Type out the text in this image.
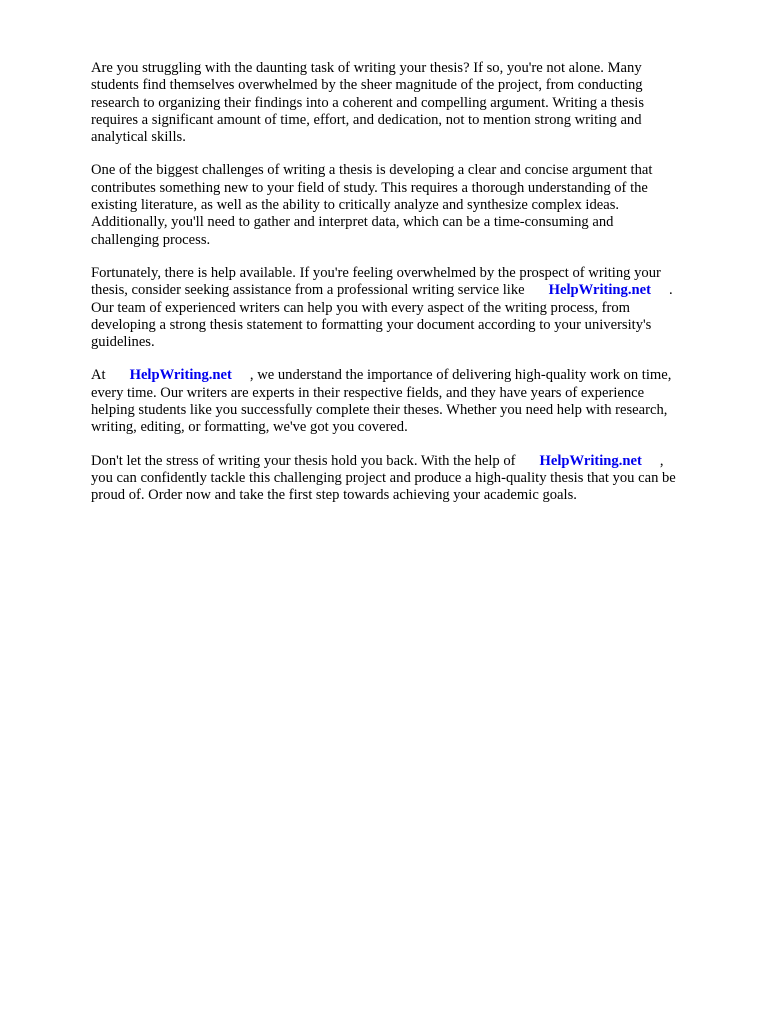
Are you struggling with the daunting task of writing your thesis? If so, you're not alone. Many
students find themselves overwhelmed by the sheer magnitude of the project, from conducting
research to organizing their findings into a coherent and compelling argument. Writing a thesis
requires a significant amount of time, effort, and dedication, not to mention strong writing and
analytical skills.

One of the biggest challenges of writing a thesis is developing a clear and concise argument that
contributes something new to your field of study. This requires a thorough understanding of the
existing literature, as well as the ability to critically analyze and synthesize complex ideas.
Additionally, you'll need to gather and interpret data, which can be a time-consuming and
challenging process.

Fortunately, there is help available. If you're feeling overwhelmed by the prospect of writing your
thesis, consider seeking assistance from a professional writing service like HelpWriting.net .
Our team of experienced writers can help you with every aspect of the writing process, from
developing a strong thesis statement to formatting your document according to your university's
guidelines.

At HelpWriting.net , we understand the importance of delivering high-quality work on time,
every time. Our writers are experts in their respective fields, and they have years of experience
helping students like you successfully complete their theses. Whether you need help with research,
writing, editing, or formatting, we've got you covered.

Don't let the stress of writing your thesis hold you back. With the help of HelpWriting.net ,
you can confidently tackle this challenging project and produce a high-quality thesis that you can be
proud of. Order now and take the first step towards achieving your academic goals.
